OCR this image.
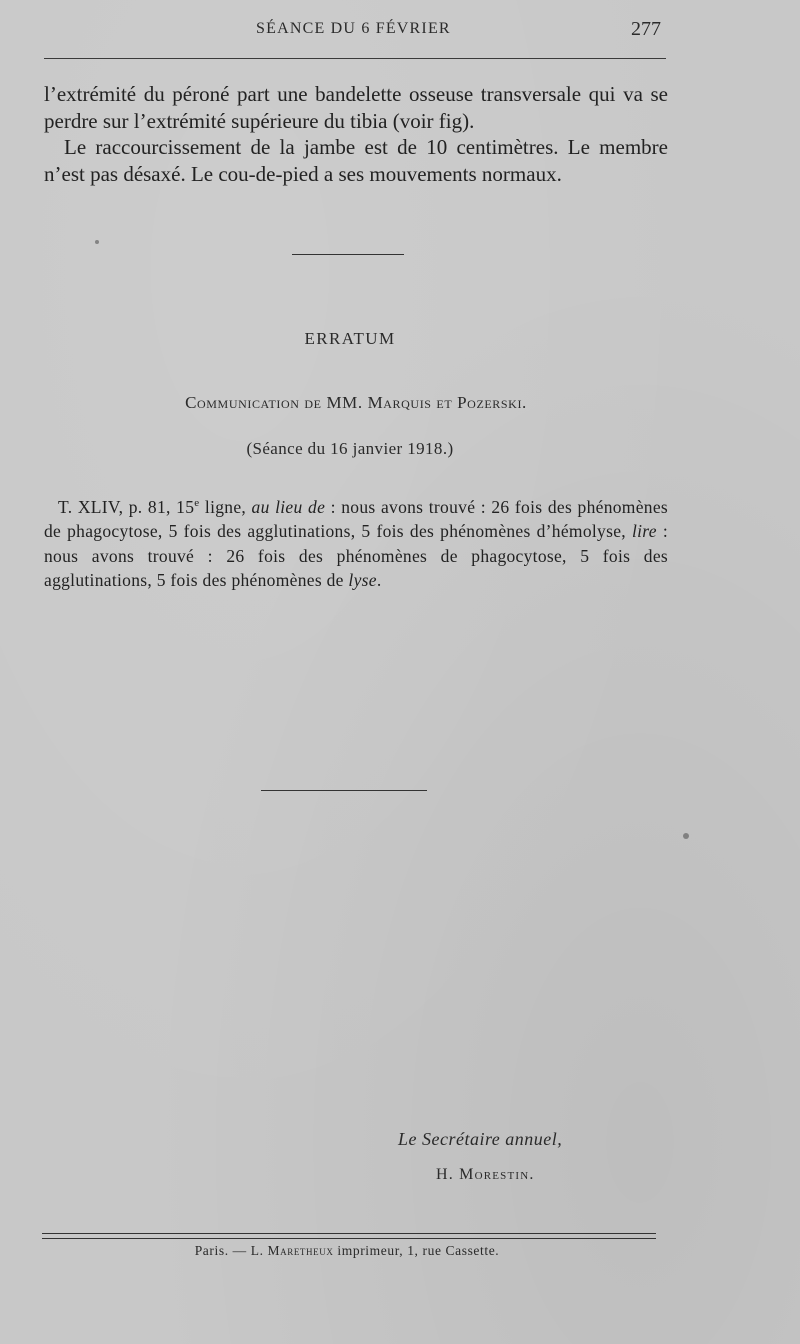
SÉANCE DU 6 FÉVRIER	277
l’extrémité du péroné part une bandelette osseuse transversale qui va se perdre sur l’extrémité supérieure du tibia (voir fig).
Le raccourcissement de la jambe est de 10 centimètres. Le membre n’est pas désaxé. Le cou-de-pied a ses mouvements normaux.
ERRATUM
Communication de MM. Marquis et Pozerski.
(Séance du 16 janvier 1918.)
T. XLIV, p. 81, 15e ligne, au lieu de : nous avons trouvé : 26 fois des phénomènes de phagocytose, 5 fois des agglutinations, 5 fois des phénomènes d’hémolyse, lire : nous avons trouvé : 26 fois des phénomènes de phagocytose, 5 fois des agglutinations, 5 fois des phénomènes de lyse.
Le Secrétaire annuel,
H. Morestin.
Paris. — L. Maretheux imprimeur, 1, rue Cassette.
